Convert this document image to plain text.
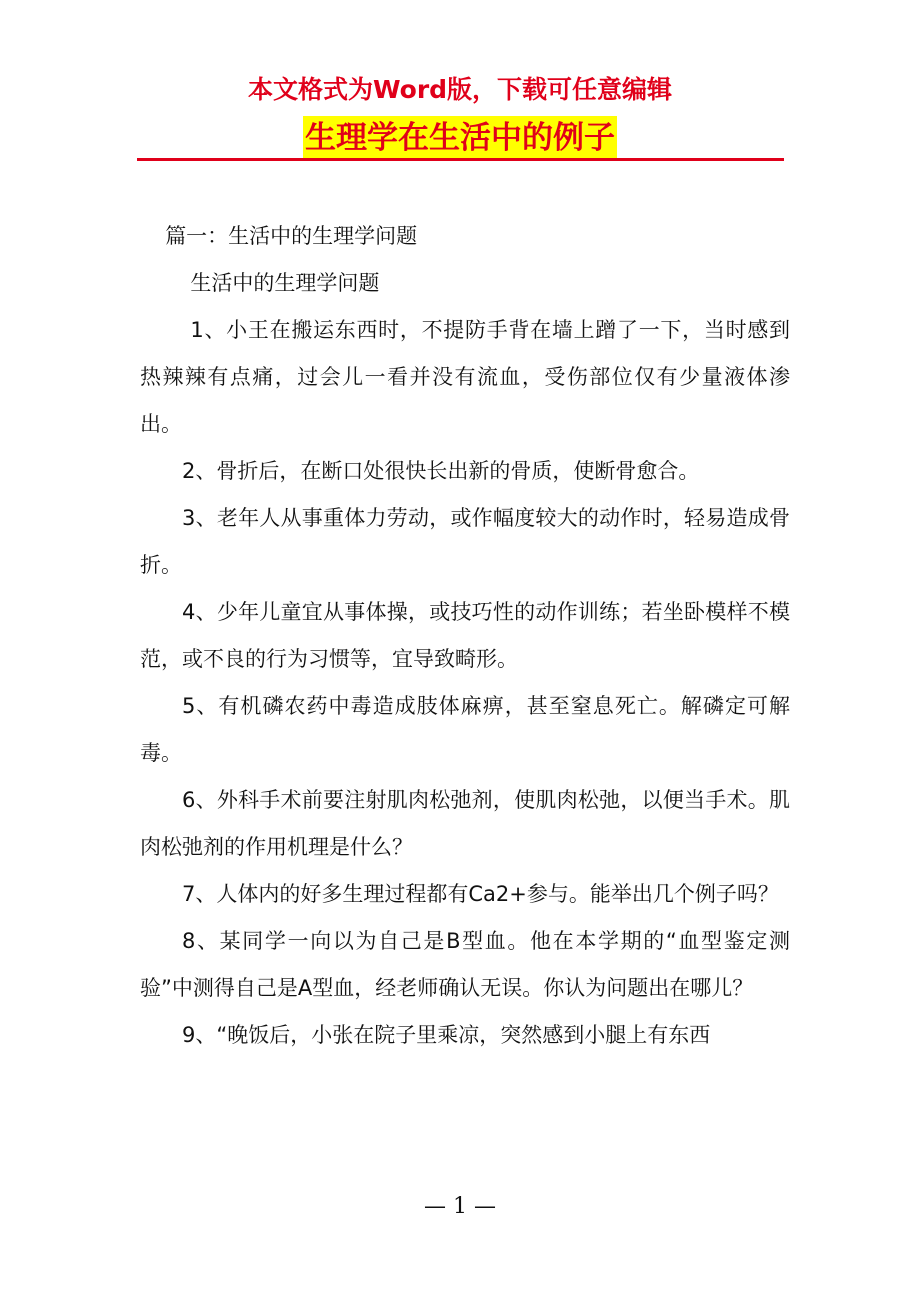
本文格式为Word版，下载可任意编辑
生理学在生活中的例子

篇一：生活中的生理学问题

生活中的生理学问题

1、小王在搬运东西时，不提防手背在墙上蹭了一下，当时感到热辣辣有点痛，过会儿一看并没有流血，受伤部位仅有少量液体渗出。

2、骨折后，在断口处很快长出新的骨质，使断骨愈合。

3、老年人从事重体力劳动，或作幅度较大的动作时，轻易造成骨折。

4、少年儿童宜从事体操，或技巧性的动作训练；若坐卧模样不模范，或不良的行为习惯等，宜导致畸形。

5、有机磷农药中毒造成肢体麻痹，甚至窒息死亡。解磷定可解毒。

6、外科手术前要注射肌肉松弛剂，使肌肉松弛，以便当手术。肌肉松弛剂的作用机理是什么？

7、人体内的好多生理过程都有Ca2+参与。能举出几个例子吗？

8、某同学一向以为自己是B型血。他在本学期的“血型鉴定测验”中测得自己是A型血，经老师确认无误。你认为问题出在哪儿？

9、“晚饭后，小张在院子里乘凉，突然感到小腿上有东西

— 1 —
